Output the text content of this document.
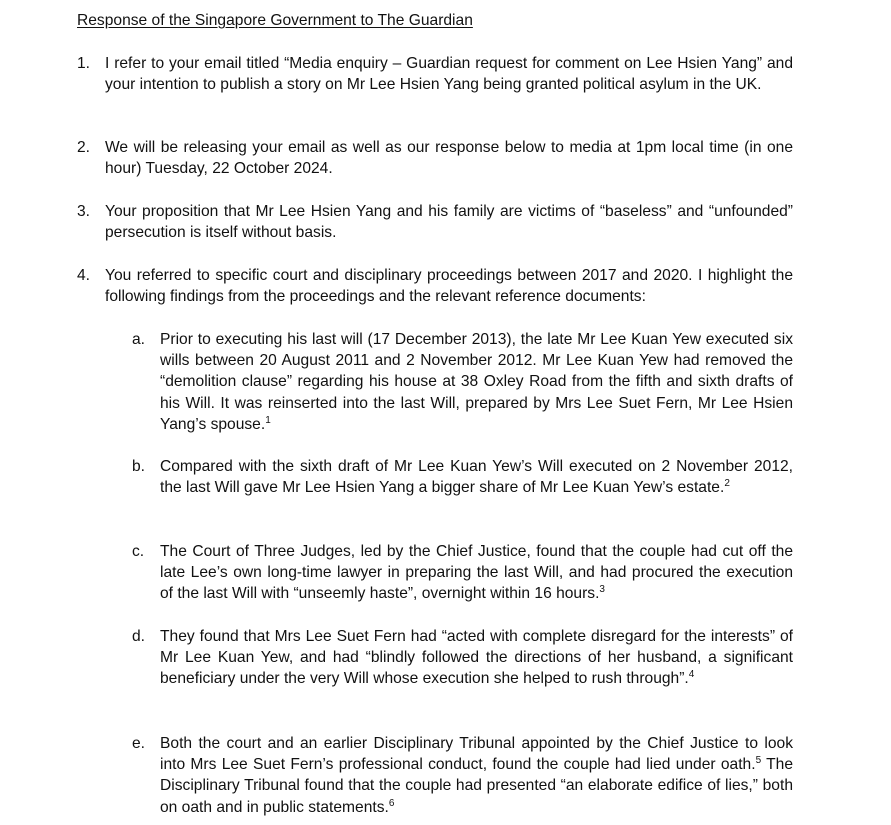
Response of the Singapore Government to The Guardian
1. I refer to your email titled “Media enquiry – Guardian request for comment on Lee Hsien Yang” and your intention to publish a story on Mr Lee Hsien Yang being granted political asylum in the UK.
2. We will be releasing your email as well as our response below to media at 1pm local time (in one hour) Tuesday, 22 October 2024.
3. Your proposition that Mr Lee Hsien Yang and his family are victims of “baseless” and “unfounded” persecution is itself without basis.
4. You referred to specific court and disciplinary proceedings between 2017 and 2020. I highlight the following findings from the proceedings and the relevant reference documents:
a. Prior to executing his last will (17 December 2013), the late Mr Lee Kuan Yew executed six wills between 20 August 2011 and 2 November 2012. Mr Lee Kuan Yew had removed the “demolition clause” regarding his house at 38 Oxley Road from the fifth and sixth drafts of his Will. It was reinserted into the last Will, prepared by Mrs Lee Suet Fern, Mr Lee Hsien Yang’s spouse.$^1$
b. Compared with the sixth draft of Mr Lee Kuan Yew’s Will executed on 2 November 2012, the last Will gave Mr Lee Hsien Yang a bigger share of Mr Lee Kuan Yew’s estate.$^2$
c.	The Court of Three Judges, led by the Chief Justice, found that the couple had cut off the late Lee’s own long-time lawyer in preparing the last Will, and had procured the execution of the last Will with “unseemly haste”, overnight within 16 hours.$^3$
d. They found that Mrs Lee Suet Fern had “acted with complete disregard for the interests” of Mr Lee Kuan Yew, and had “blindly followed the directions of her husband, a significant beneficiary under the very Will whose execution she helped to rush through”.$^4$
e. Both the court and an earlier Disciplinary Tribunal appointed by the Chief Justice to look into Mrs Lee Suet Fern’s professional conduct, found the couple had lied under oath.$^5$ The Disciplinary Tribunal found that the couple had presented “an elaborate edifice of lies,” both on oath and in public statements.$^6$
